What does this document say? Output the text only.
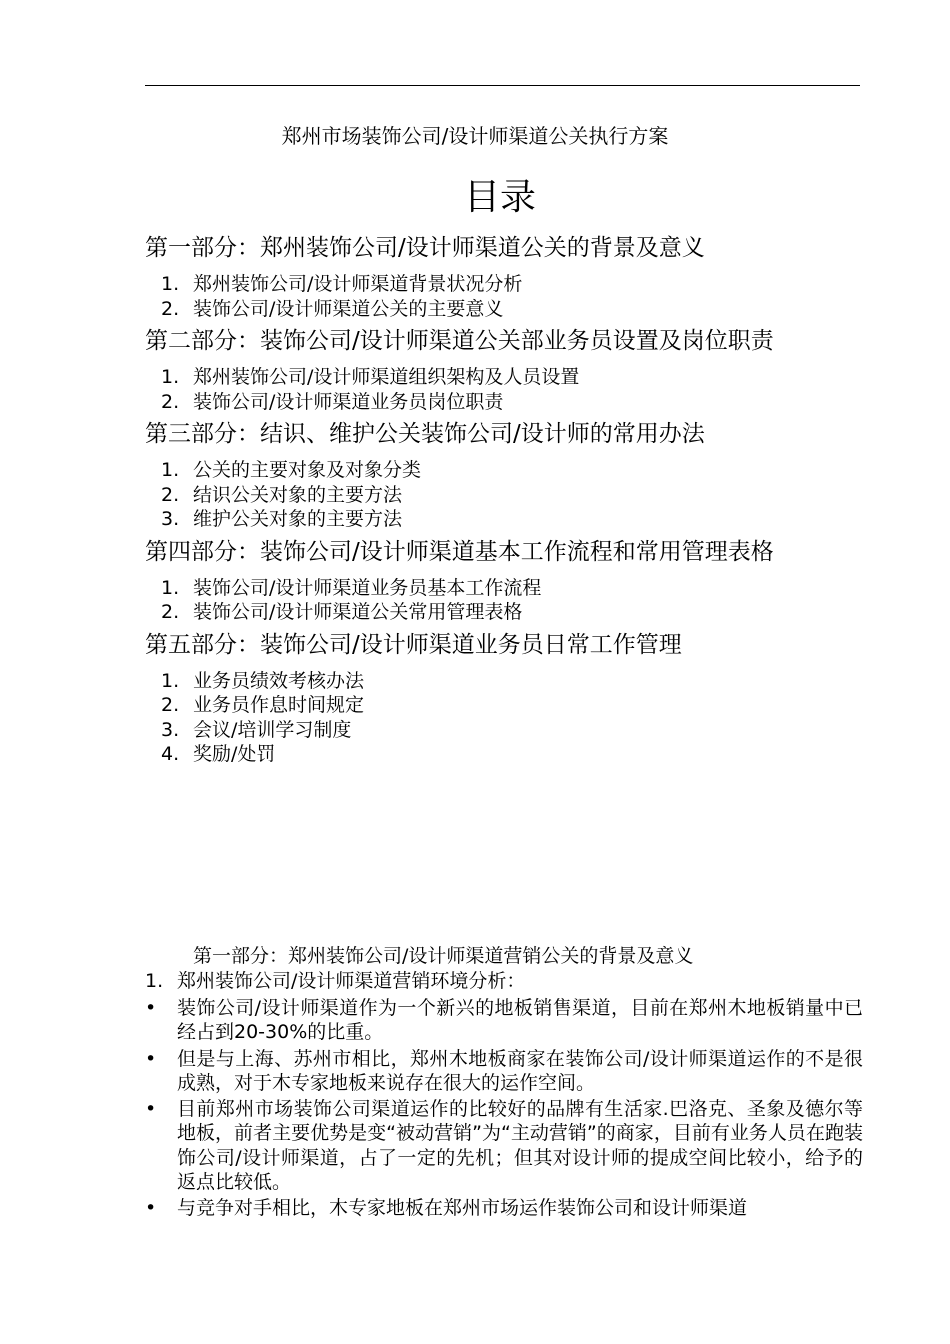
郑州市场装饰公司/设计师渠道公关执行方案
目录
第一部分：郑州装饰公司/设计师渠道公关的背景及意义
1. 郑州装饰公司/设计师渠道背景状况分析
2. 装饰公司/设计师渠道公关的主要意义
第二部分：装饰公司/设计师渠道公关部业务员设置及岗位职责
1. 郑州装饰公司/设计师渠道组织架构及人员设置
2. 装饰公司/设计师渠道业务员岗位职责
第三部分：结识、维护公关装饰公司/设计师的常用办法
1. 公关的主要对象及对象分类
2. 结识公关对象的主要方法
3. 维护公关对象的主要方法
第四部分：装饰公司/设计师渠道基本工作流程和常用管理表格
1. 装饰公司/设计师渠道业务员基本工作流程
2. 装饰公司/设计师渠道公关常用管理表格
第五部分：装饰公司/设计师渠道业务员日常工作管理
1. 业务员绩效考核办法
2. 业务员作息时间规定
3. 会议/培训学习制度
4. 奖励/处罚
第一部分：郑州装饰公司/设计师渠道营销公关的背景及意义
1. 郑州装饰公司/设计师渠道营销环境分析：
• 装饰公司/设计师渠道作为一个新兴的地板销售渠道，目前在郑州木地板销量中已经占到20-30%的比重。
• 但是与上海、苏州市相比，郑州木地板商家在装饰公司/设计师渠道运作的不是很成熟，对于木专家地板来说存在很大的运作空间。
• 目前郑州市场装饰公司渠道运作的比较好的品牌有生活家.巴洛克、圣象及德尔等地板，前者主要优势是变“被动营销”为“主动营销”的商家，目前有业务人员在跑装饰公司/设计师渠道，占了一定的先机；但其对设计师的提成空间比较小，给予的返点比较低。
• 与竞争对手相比，木专家地板在郑州市场运作装饰公司和设计师渠道
